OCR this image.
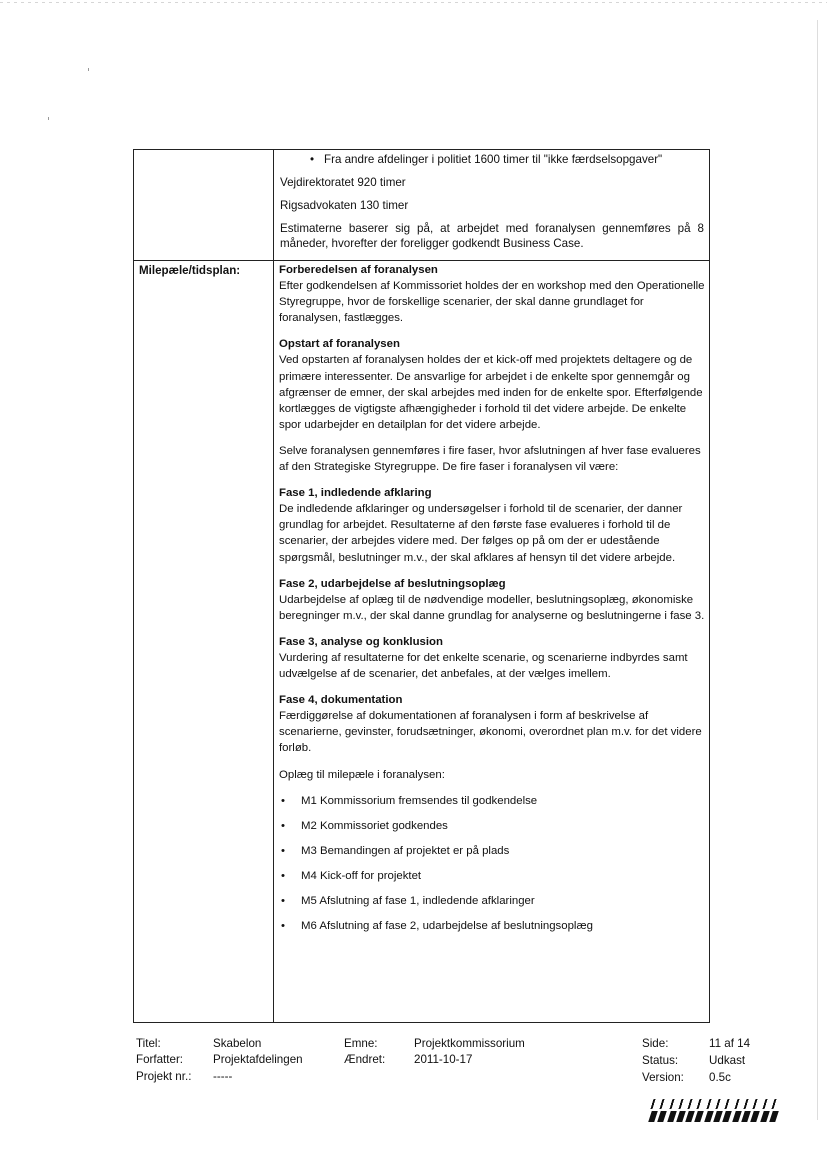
• Fra andre afdelinger i politiet 1600 timer til "ikke færdselsopgaver"

Vejdirektoratet 920 timer

Rigsadvokaten 130 timer

Estimaterne baserer sig på, at arbejdet med foranalysen gennemføres på 8 måneder, hvorefter der foreligger godkendt Business Case.

Milepæle/tidsplan:	Forberedelsen af foranalysen

Efter godkendelsen af Kommissoriet holdes der en workshop med den Operationelle Styregruppe, hvor de forskellige scenarier, der skal danne grundlaget for foranalysen, fastlægges.

Opstart af foranalysen

Ved opstarten af foranalysen holdes der et kick-off med projektets deltagere og de primære interessenter. De ansvarlige for arbejdet i de enkelte spor gennemgår og afgrænser de emner, der skal arbejdes med inden for de enkelte spor. Efterfølgende kortlægges de vigtigste afhængigheder i forhold til det videre arbejde. De enkelte spor udarbejder en detailplan for det videre arbejde.

Selve foranalysen gennemføres i fire faser, hvor afslutningen af hver fase evalueres af den Strategiske Styregruppe. De fire faser i foranalysen vil være:

Fase 1, indledende afklaring

De indledende afklaringer og undersøgelser i forhold til de scenarier, der danner grundlag for arbejdet. Resultaterne af den første fase evalueres i forhold til de scenarier, der arbejdes videre med. Der følges op på om der er udestående spørgsmål, beslutninger m.v., der skal afklares af hensyn til det videre arbejde.

Fase 2, udarbejdelse af beslutningsoplæg

Udarbejdelse af oplæg til de nødvendige modeller, beslutningsoplæg, økonomiske beregninger m.v., der skal danne grundlag for analyserne og beslutningerne i fase 3.

Fase 3, analyse og konklusion

Vurdering af resultaterne for det enkelte scenarie, og scenarierne indbyrdes samt udvælgelse af de scenarier, det anbefales, at der vælges imellem.

Fase 4, dokumentation

Færdiggørelse af dokumentationen af foranalysen i form af beskrivelse af scenarierne, gevinster, forudsætninger, økonomi, overordnet plan m.v. for det videre forløb.

Oplæg til milepæle i foranalysen:

• M1 Kommissorium fremsendes til godkendelse
• M2 Kommissoriet godkendes
• M3 Bemandingen af projektet er på plads
• M4 Kick-off for projektet
• M5 Afslutning af fase 1, indledende afklaringer
• M6 Afslutning af fase 2, udarbejdelse af beslutningsoplæg
Titel:	Skabelon
Forfatter:	Projektafdelingen
Projekt nr.: -----
Emne:	Projektkommissorium
Ændret: 2011-10-17
Side:	11 af 14
Status:	Udkast
Version: 0.5c
